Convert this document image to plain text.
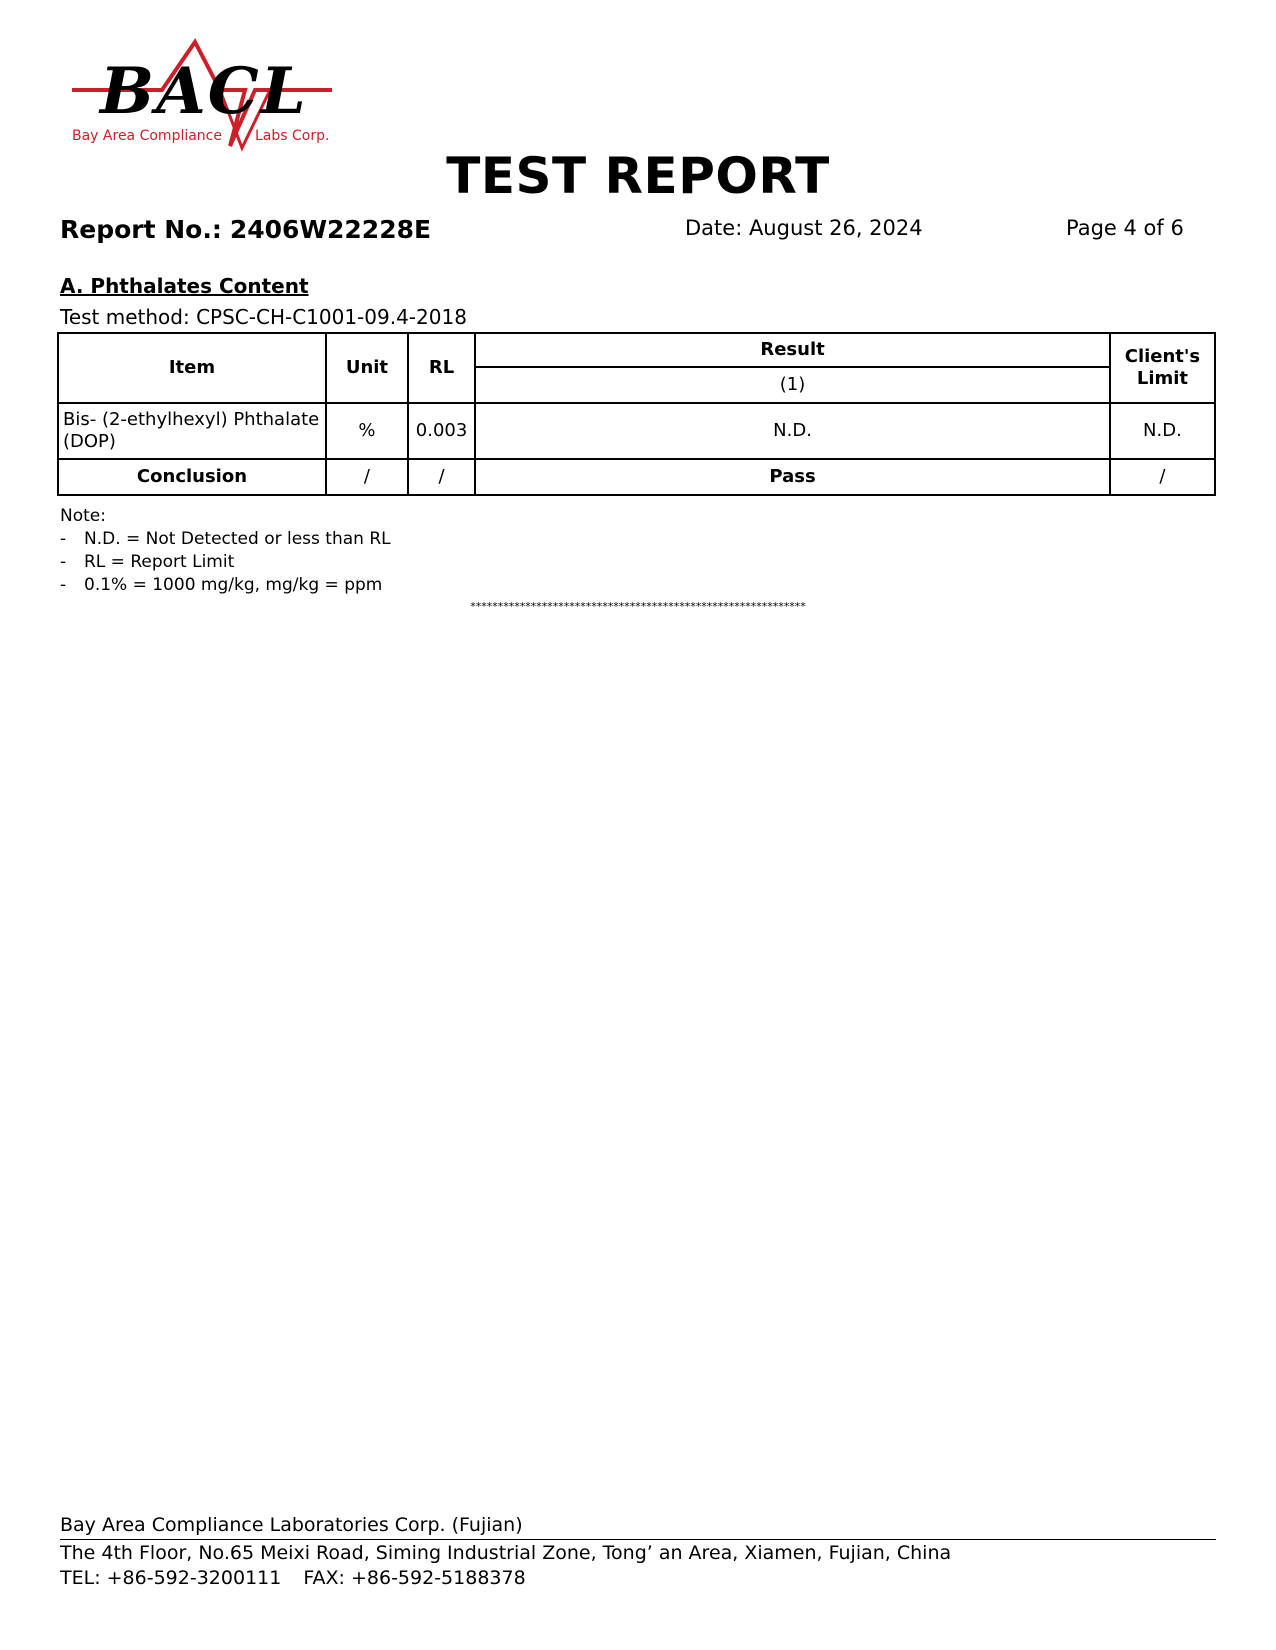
BACL
Bay Area Compliance Labs Corp.
TEST REPORT
Report No.: 2406W22228E	Date: August 26, 2024	Page 4 of 6
A. Phthalates Content
Test method: CPSC-CH-C1001-09.4-2018
Item	Unit	RL	Result	Client's Limit
			(1)	
Bis- (2-ethylhexyl) Phthalate (DOP)	%	0.003	N.D.	N.D.
Conclusion	/	/	Pass	/
Note:
-	N.D. = Not Detected or less than RL
-	RL = Report Limit
-	0.1% = 1000 mg/kg, mg/kg = ppm
*************************************************************
Bay Area Compliance Laboratories Corp. (Fujian)
The 4th Floor, No.65 Meixi Road, Siming Industrial Zone, Tong’ an Area, Xiamen, Fujian, China
TEL: +86-592-3200111 FAX: +86-592-5188378
